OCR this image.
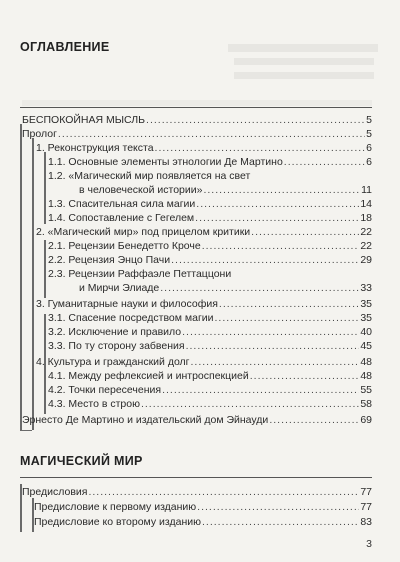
ОГЛАВЛЕНИЕ
БЕСПОКОЙНАЯ МЫСЛЬ .....	5
Пролог .....	5
1. Реконструкция текста .....	6
1.1. Основные элементы этнологии Де Мартино .....	6
1.2. «Магический мир появляется на свет
в человеческой истории» .....	11
1.3. Спасительная сила магии .....	14
1.4. Сопоставление с Гегелем .....	18
2. «Магический мир» под прицелом критики .....	22
2.1. Рецензии Бенедетто Кроче .....	22
2.2. Рецензия Энцо Пачи .....	29
2.3. Рецензии Раффаэле Петтаццони
и Мирчи Элиаде .....	33
3. Гуманитарные науки и философия .....	35
3.1. Спасение посредством магии .....	35
3.2. Исключение и правило .....	40
3.3. По ту сторону забвения .....	45
4. Культура и гражданский долг .....	48
4.1. Между рефлексией и интроспекцией .....	48
4.2. Точки пересечения .....	55
4.3. Место в строю .....	58
Эрнесто Де Мартино и издательский дом Эйнауди .....	69
МАГИЧЕСКИЙ МИР
Предисловия .....	77
Предисловие к первому изданию .....	77
Предисловие ко второму изданию .....	83
3
